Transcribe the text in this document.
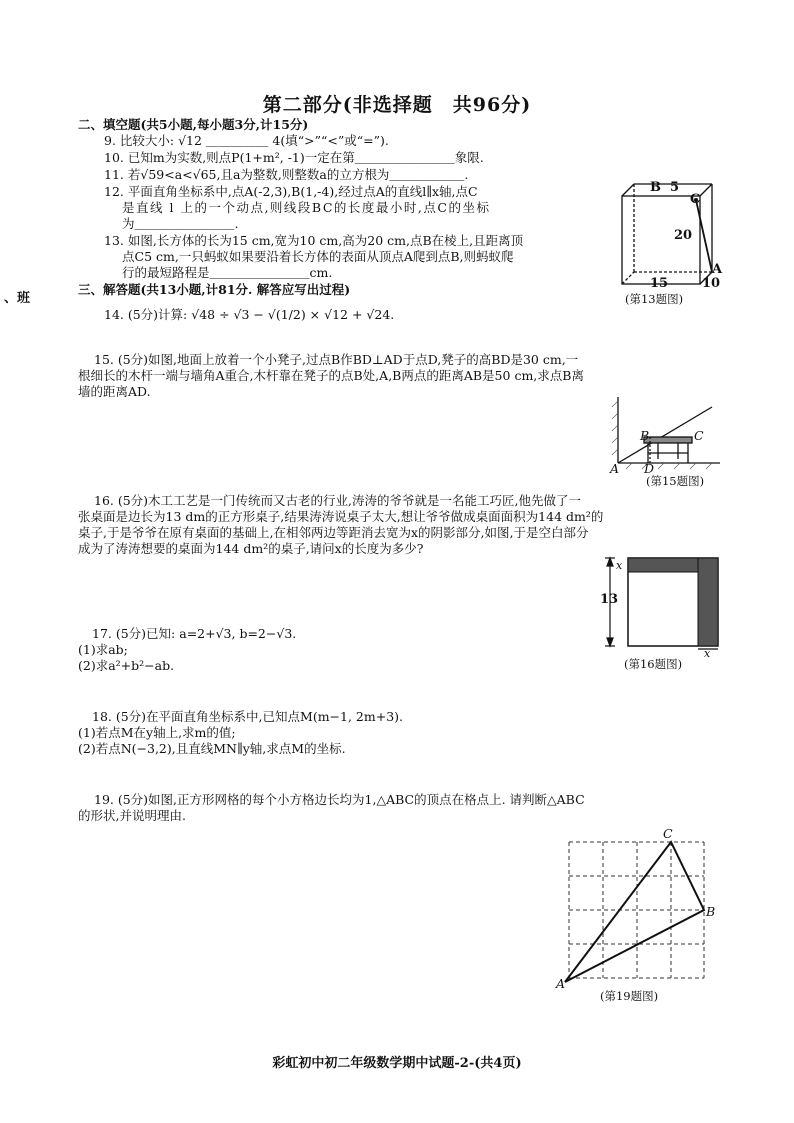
、班
第二部分(非选择题　共96分)
二、填空题(共5小题,每小题3分,计15分)
9. 比较大小: √12 ＿＿＿＿＿ 4(填“>”“<”或“=”).
10. 已知m为实数,则点P(1+m², -1)一定在第＿＿＿＿＿＿＿＿象限.
11. 若√59<a<√65,且a为整数,则整数a的立方根为＿＿＿＿＿＿.
12. 平面直角坐标系中,点A(-2,3),B(1,-4),经过点A的直线l∥x轴,点C
是直线 l 上的一个动点,则线段BC的长度最小时,点C的坐标
为＿＿＿＿＿＿＿＿.
13. 如图,长方体的长为15 cm,宽为10 cm,高为20 cm,点B在棱上,且距离顶
点C5 cm,一只蚂蚁如果要沿着长方体的表面从顶点A爬到点B,则蚂蚁爬
行的最短路程是＿＿＿＿＿＿＿＿cm.
三、解答题(共13小题,计81分. 解答应写出过程)
14. (5分)计算: √48 ÷ √3 − √(1/2) × √12 + √24.
B 5
C
20
A
15	10
(第13题图)
15. (5分)如图,地面上放着一个小凳子,过点B作BD⊥AD于点D,凳子的高BD是30 cm,一
根细长的木杆一端与墙角A重合,木杆靠在凳子的点B处,A,B两点的距离AB是50 cm,求点B离
墙的距离AD.
B	C
A D
(第15题图)
16. (5分)木工工艺是一门传统而又古老的行业,涛涛的爷爷就是一名能工巧匠,他先做了一
张桌面是边长为13 dm的正方形桌子,结果涛涛说桌子太大,想让爷爷做成桌面面积为144 dm²的
桌子,于是爷爷在原有桌面的基础上,在相邻两边等距消去宽为x的阴影部分,如图,于是空白部分
成为了涛涛想要的桌面为144 dm²的桌子,请问x的长度为多少?
13
x
x
(第16题图)
17. (5分)已知: a=2+√3, b=2−√3.
(1)求ab;
(2)求a²+b²−ab.
18. (5分)在平面直角坐标系中,已知点M(m−1, 2m+3).
(1)若点M在y轴上,求m的值;
(2)若点N(−3,2),且直线MN∥y轴,求点M的坐标.
19. (5分)如图,正方形网格的每个小方格边长均为1,△ABC的顶点在格点上. 请判断△ABC
的形状,并说明理由.
C
B
A
(第19题图)
彩虹初中初二年级数学期中试题-2-(共4页)
